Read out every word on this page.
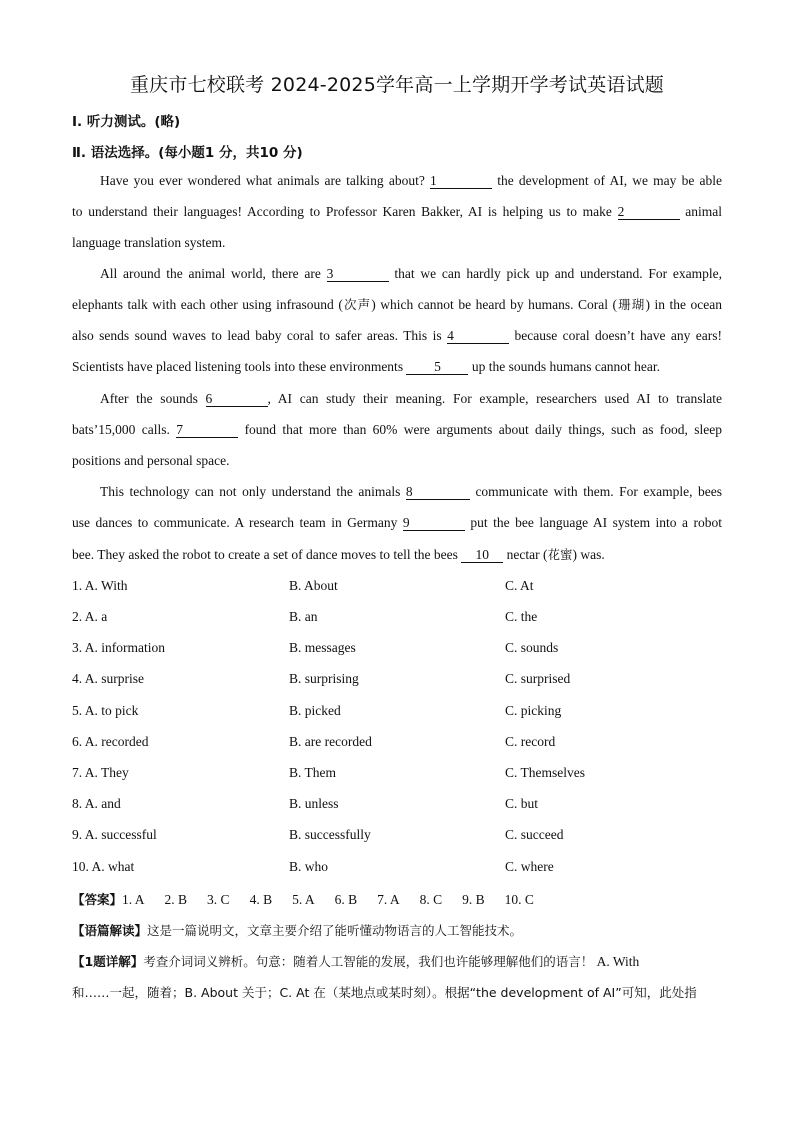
重庆市七校联考 2024-2025学年高一上学期开学考试英语试题
Ⅰ. 听力测试。(略)
Ⅱ. 语法选择。(每小题1 分，共10 分)
Have you ever wondered what animals are talking about? 1	the development of AI, we may be able
to understand their languages! According to Professor Karen Bakker, AI is helping us to make 2	animal
language translation system.
All around the animal world, there are 3	that we can hardly pick up and understand. For example,
elephants talk with each other using infrasound (次声) which cannot be heard by humans. Coral (珊瑚) in the ocean
also sends sound waves to lead baby coral to safer areas. This is 4	because coral doesn’t have any ears!
Scientists have placed listening tools into these environments 5 up the sounds humans cannot hear.
After the sounds 6	, AI can study their meaning. For example, researchers used AI to translate
bats’15,000 calls. 7	found that more than 60% were arguments about daily things, such as food, sleep
positions and personal space.
This technology can not only understand the animals 8	communicate with them. For example, bees
use dances to communicate. A research team in Germany 9	put the bee language AI system into a robot
bee. They asked the robot to create a set of dance moves to tell the bees 10 nectar (花蜜) was.
1. A. With	B. About	C. At
2. A. a	B. an	C. the
3. A. information	B. messages	C. sounds
4. A. surprise	B. surprising	C. surprised
5. A. to pick	B. picked	C. picking
6. A. recorded	B. are recorded	C. record
7. A. They	B. Them	C. Themselves
8. A. and	B. unless	C. but
9. A. successful	B. successfully	C. succeed
10. A. what	B. who	C. where
【答案】1. A 2. B 3. C 4. B 5. A 6. B 7. A 8. C 9. B 10. C
【语篇解读】这是一篇说明文，文章主要介绍了能听懂动物语言的人工智能技术。
【1题详解】考查介词词义辨析。句意：随着人工智能的发展，我们也许能够理解他们的语言！ A. With
和……一起，随着；B. About 关于；C. At 在（某地点或某时刻）。根据“the development of AI”可知，此处指
